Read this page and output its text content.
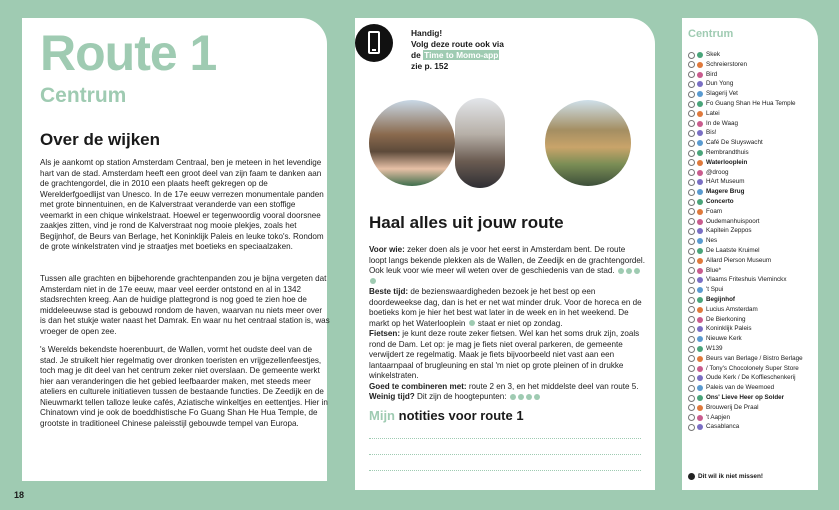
Route 1
Centrum
Over de wijken
Als je aankomt op station Amsterdam Centraal, ben je meteen in het levendige hart van de stad. Amsterdam heeft een groot deel van zijn faam te danken aan de grachtengordel, die in 2010 een plaats heeft gekregen op de Werelderfgoedlijst van Unesco. In de 17e eeuw verrezen monumentale panden met grote binnentuinen, en de Kalverstraat veranderde van een stoffige veemarkt in een chique winkelstraat. Hoewel er tegenwoordig vooral doorsnee zaakjes zitten, vind je rond de Kalverstraat nog mooie plekjes, zoals het Begijnhof, de Beurs van Berlage, het Koninklijk Paleis en leuke toko's. Rondom de grote winkelstraten vind je straatjes met boetieks en speciaalzaken.
Tussen alle grachten en bijbehorende grachtenpanden zou je bijna vergeten dat Amsterdam niet in de 17e eeuw, maar veel eerder ontstond en al in 1342 stadsrechten kreeg. Aan de huidige plattegrond is nog goed te zien hoe de middeleeuwse stad is gebouwd rondom de haven, waarvan nu niets meer over is dan het stukje water naast het Damrak. En waar nu het centraal station is, was vroeger de open zee.
's Werelds bekendste hoerenbuurt, de Wallen, vormt het oudste deel van de stad. Je struikelt hier regelmatig over dronken toeristen en vrijgezellenfeestjes, toch mag je dit deel van het centrum zeker niet overslaan. De gemeente werkt hier aan veranderingen die het gebied leefbaarder maken, met steeds meer ateliers en culturele initiatieven tussen de bestaande functies. De Zeedijk en de Nieuwmarkt tellen talloze leuke cafés, Aziatische winkeltjes en eettentjes. Hier in Chinatown vind je ook de boeddhistische Fo Guang Shan He Hua Temple, de grootste in traditioneel Chinese paleisstijl gebouwde tempel van Europa.
18
Handig!
Volg deze route ook via
de Time to Momo-app
zie p. 152
Haal alles uit jouw route
Voor wie: zeker doen als je voor het eerst in Amsterdam bent. De route loopt langs bekende plekken als de Wallen, de Zeedijk en de grachtengordel. Ook leuk voor wie meer wil weten over de geschiedenis van de stad.
Beste tijd: de bezienswaardigheden bezoek je het best op een doordeweekse dag, dan is het er net wat minder druk. Voor de horeca en de boetieks kom je hier het best wat later in de week en in het weekend. De markt op het Waterlooplein staat er niet op zondag.
Fietsen: je kunt deze route zeker fietsen. Wel kan het soms druk zijn, zoals rond de Dam. Let op: je mag je fiets niet overal parkeren, de gemeente verwijdert ze regelmatig. Maak je fiets bijvoorbeeld niet vast aan een lantaarnpaal of brugleuning en stal 'm niet op grote pleinen of in drukke winkelstraten.
Goed te combineren met: route 2 en 3, en het middelste deel van route 5.
Weinig tijd? Dit zijn de hoogtepunten:
Mijn notities voor route 1
Centrum
Skek
Schreierstoren
Bird
Dun Yong
Slagerij Vet
Fo Guang Shan He Hua Temple
Latei
In de Waag
Bis!
Café De Sluyswacht
Rembrandthuis
Waterlooplein
@droog
HArt Museum
Magere Brug
Concerto
Foam
Oudemanhuispoort
Kapitein Zeppos
Nes
De Laatste Kruimel
Allard Pierson Museum
Blue*
Vlaams Friteshuis Vleminckx
't Spui
Begijnhof
Lucius Amsterdam
De Bierkoning
Koninklijk Paleis
Nieuwe Kerk
W139
Beurs van Berlage / Bistro Berlage
/ Tony's Chocolonely Super Store
Oude Kerk / De Koffieschenkerij
Paleis van de Weemoed
Ons' Lieve Heer op Solder
Brouwerij De Praal
't Aapjen
Casablanca
Dit wil ik niet missen!
